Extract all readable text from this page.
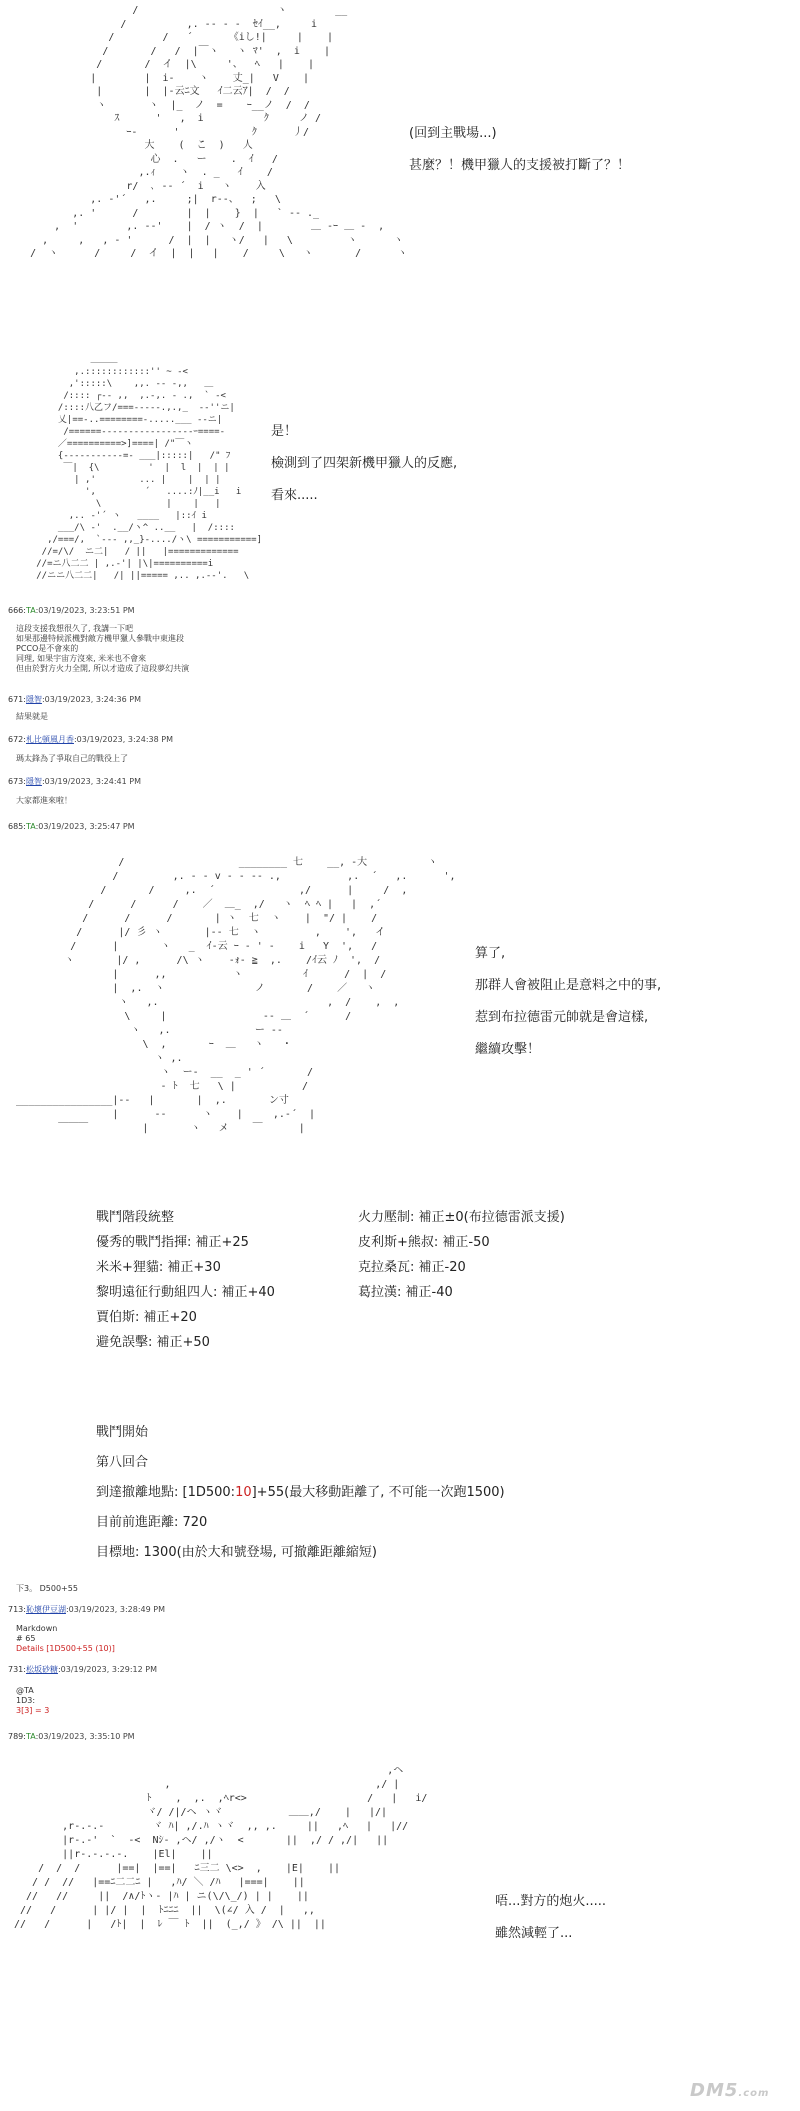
/                       ヽ        __
/          ,. -- ‐ ‐  ｾｲ__,     i
/        /   ´      《iし!|     |    |
/       /   /  |￣ヽ   ヽ ﾏ'  ,  i    |
/       /  イ  |\     '、  ﾍ   |    |
|        |  i-    ヽ    丈_|   V    |
|       |  |-云ﾆ文   ｲ二云ｱ|  /  /
ヽ       ヽ  |_  ノ  =    ｰ__ノ  /  /
ｽ      '   ,  i          ｸ     ノ /
ｰ-      '            ｸ      丿/
大    (  こ  )   人
心  .   ー    .  ｲ   /
,.ｨ    ヽ  . _   ｲ    /
r/  ､ -‐ ´  i   ヽ    入
,. ‐'´   ,.     ;|  r‐-、  ;   \
,. '      /        |  |    }  |   ` ‐- ._
,  '        ,. -‐'    |  / ヽ  /  |        ＿ -ｰ ＿ -  ,
,     ,   , - '      /  |  |   ヽ/   |   \         ヽ      ヽ
/  ヽ      /     /  イ  |  |   |    /     \   ヽ       /      ヽ

(回到主戰場...)
甚麼？！機甲獵人的支援被打斷了？！
＿＿＿
,.::::::::::::'' ~ -<
,':::::\    ,,. -- -,,   ＿
/:::: ┌‐- ,,  ,.-,. ‐ .,  ` -<
/::::八乙フ/===-----.,.,_  -‐''ニ|
乂|==-..========-.....___ -‐ニ|
/======-----------------ｰ====‐
／==========>]====| /"￣ヽ
{-----------=- ___|:::::|   /" ﾌ
￣|  {\         '  |  l  |  | |
| ,'        ... |    |  | |
',         ´   ....:ﾉ|__i   i
\            |    |   |
,.. -'´ ヽ   ____   |::ｲ i
___/\ ‐'  .__/ヽ^ ..__   |  /::::
,/===/,  `‐‐- ,,_}-..../ヽ\ ===========]
//=/\/  ニ二|   / ||   |=============
//=ニ八二二 | ,.-'| |\|==========i
//ニニ八二二|   /| ||===== ,.. ,.-‐'.   \

是！
檢測到了四架新機甲獵人的反應,
看來.....
666:TA:03/19/2023, 3:23:51 PM
這段支援我想很久了, 我講一下吧
如果那邊特候派機對敵方機甲獵人參戰中東進段
PCCO是不會來的
同理, 如果宇宙方沒來, 米米也不會來
但由於對方火力全開, 所以才造成了這段夢幻共演
671:隱智:03/19/2023, 3:24:36 PM
結果就是
672:札比頓風月香:03/19/2023, 3:24:38 PM
瑪太鋒為了爭取自己的戰役上了
673:隱智:03/19/2023, 3:24:41 PM
大家都進來啦！
685:TA:03/19/2023, 3:25:47 PM
/                   ________ 七    __, -大          ヽ
/         ,. - ‐ v ‐ ‐ -- .,           ,.  ´   ,.      ',
/       /     ,.  ´              ,/      |     /  ,
/      /      /    ／  ＿_  ,/   ヽ  ﾍ ﾍ |   |  ,´
/      /      /       | ヽ  七  ヽ    |  "/ |    /
/      |/ 彡 ヽ       |-- 七  ヽ         ,    ',   イ
/      |       ヽ   _  ｲ-云 ｰ - ' ‐    i   Y  ',   /
ヽ       |/ ,      /\ ヽ    -ｫ‐ ≧  ,.    /ｲ云 ﾉ  ',  /
|      ,,           ヽ          ｲ      /  |  /
|  ,.  ヽ               ノ       /    ／   ヽ
ヽ   ,.                            ,  /    ,  ,
\     |                -- ＿  ´      /
ヽ   ,.              ー -‐
\  ,       ｰ  ＿   ヽ   ・
ヽ ,.
ヽ  ー-  __  _ ' ´       /
‐ ﾄ  七   \ |           /
________________|‐-   |       |  ,.       ン寸
|      ‐‐      ヽ    |     ,.-´  |
￣￣￣         |       ヽ   メ    ￣      |

算了,
那群人會被阻止是意料之中的事,
惹到布拉德雷元帥就是會這樣,
繼續攻擊！
戰鬥階段統整
優秀的戰鬥指揮: 補正+25
米米+狸貓: 補正+30
黎明遠征行動組四人: 補正+40
賈伯斯: 補正+20
避免誤擊: 補正+50
火力壓制: 補正±0(布拉德雷派支援)
皮利斯+熊叔: 補正-50
克拉桑瓦: 補正-20
葛拉漢: 補正-40
戰鬥開始
第八回合
到達撤離地點: [1D500:10]+55(最大移動距離了, 不可能一次跑1500)
目前前進距離: 720
目標地: 1300(由於大和號登場, 可撤離距離縮短)
下3。 D500+55
713:恥壞伊豆湖:03/19/2023, 3:28:49 PM
Markdown
# 65
Details [1D500+55 (10)]
731:松坂砂糖:03/19/2023, 3:29:12 PM
@TA
1D3:
3[3] = 3
789:TA:03/19/2023, 3:35:10 PM
,ヘ
,                                  ,/ |
ﾄ    ,  ,.  ,ﾍr<>                    /   |   i/
ヾ/ /|/ヘ ヽヾ           ＿＿,/    |   |/|
,r-.-.-        ヾ ﾊ| ,/.ﾊ ヽヾ  ,, ,.     ||   ,ﾍ   |   |//
|r-.-'  `  -<  Nｼ- ,ヘ/ ,/ヽ  <       ||  ,/ / ,/|   ||
||r-.-.-.-.    |El|    ||
/  /  /      |==|  |==|   ﾆ三二 \<>  ,    |E|    ||
/ /  //   |==ﾆ二二ﾆ |   ,ﾊ/ ＼ /ﾊ   |===|    ||
//   //     ||  /∧/ﾄヽ- |ﾊ | ニ(\/\_/) | |    ||
//   /      | |/ |  |  ﾄﾆﾆﾆ  ||  \(∠/ 入 /  |   ,,
//   /      |   /ﾄ|  |  ﾚ ￣ ﾄ  ||  (_,/ 》 /\ ||  ||

唔...對方的炮火.....
雖然減輕了...
DM5.com
